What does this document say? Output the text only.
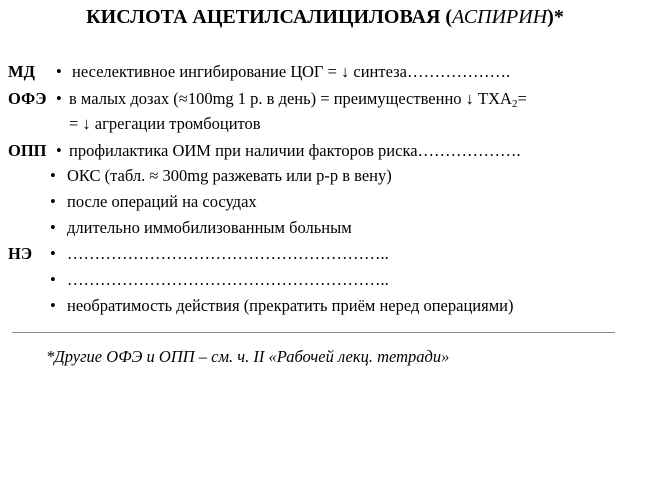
КИСЛОТА АЦЕТИЛСАЛИЦИЛОВАЯ (АСПИРИН)*
МД • неселективное ингибирование ЦОГ = ↓ синтеза……………….
ОФЭ • в малых дозах (≈100mg 1 р. в день) = преимущественно ↓ $ТХА_2=$
= ↓ агрегации тромбоцитов
ОПП • профилактика ОИМ при наличии факторов риска……………….
• ОКС (табл. ≈ 300mg разжевать или р-р в вену)
• после операций на сосудах
• длительно иммобилизованным больным
НЭ • …………………………………………………..
• …………………………………………………..
• необратимость действия (прекратить приём неред операциями)
*Другие ОФЭ и ОПП – см. ч. II «Рабочей лекц. тетради»
